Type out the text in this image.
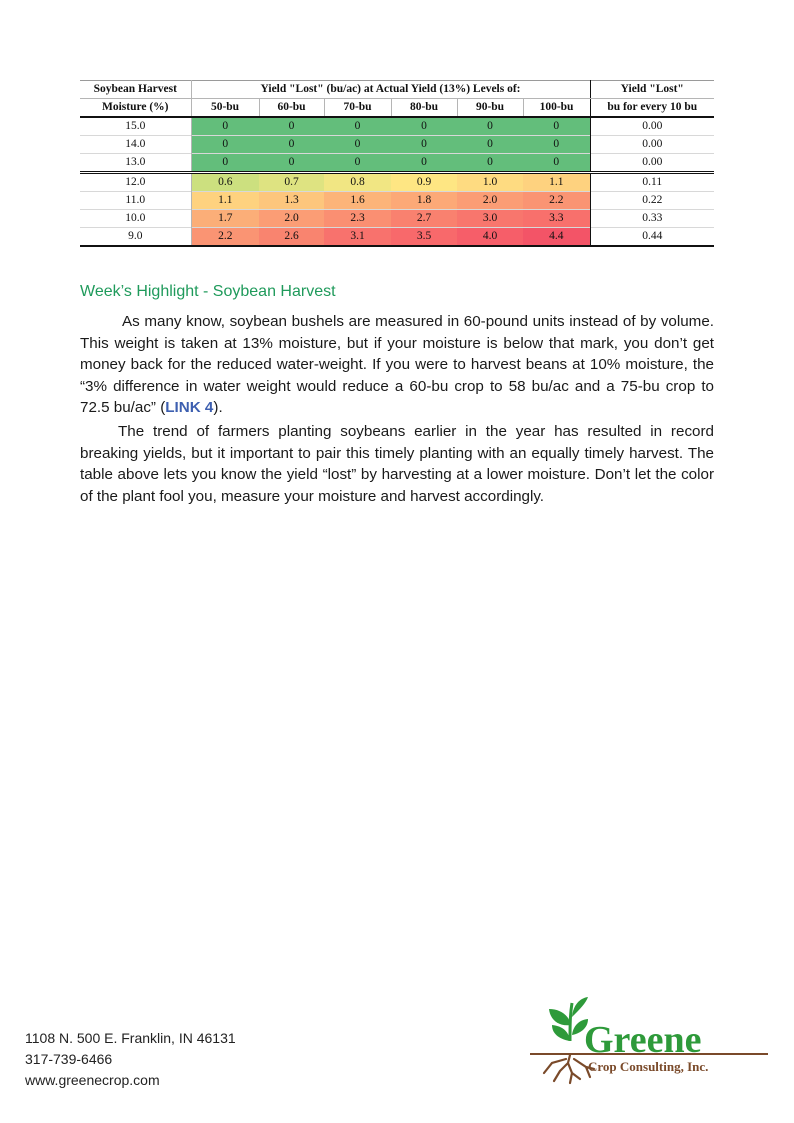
Soybean Harvest	Yield "Lost" (bu/ac) at Actual Yield (13%) Levels of:						Yield "Lost"
Moisture (%)	50-bu	60-bu	70-bu	80-bu	90-bu	100-bu	bu for every 10 bu
15.0	0	0	0	0	0	0	0.00
14.0	0	0	0	0	0	0	0.00
13.0	0	0	0	0	0	0	0.00
12.0	0.6	0.7	0.8	0.9	1.0	1.1	0.11
11.0	1.1	1.3	1.6	1.8	2.0	2.2	0.22
10.0	1.7	2.0	2.3	2.7	3.0	3.3	0.33
9.0	2.2	2.6	3.1	3.5	4.0	4.4	0.44
Week’s Highlight - Soybean Harvest

As many know, soybean bushels are measured in 60-pound units instead of by volume. This weight is taken at 13% moisture, but if your moisture is below that mark, you don’t get money back for the reduced water-weight. If you were to harvest beans at 10% moisture, the “3% difference in water weight would reduce a 60-bu crop to 58 bu/ac and a 75-bu crop to 72.5 bu/ac” (LINK 4).

The trend of farmers planting soybeans earlier in the year has resulted in record breaking yields, but it important to pair this timely planting with an equally timely harvest. The table above lets you know the yield “lost” by harvesting at a lower moisture. Don’t let the color of the plant fool you, measure your moisture and harvest accordingly.

1108 N. 500 E. Franklin, IN 46131
317-739-6466
www.greenecrop.com
Greene
Crop Consulting, Inc.
